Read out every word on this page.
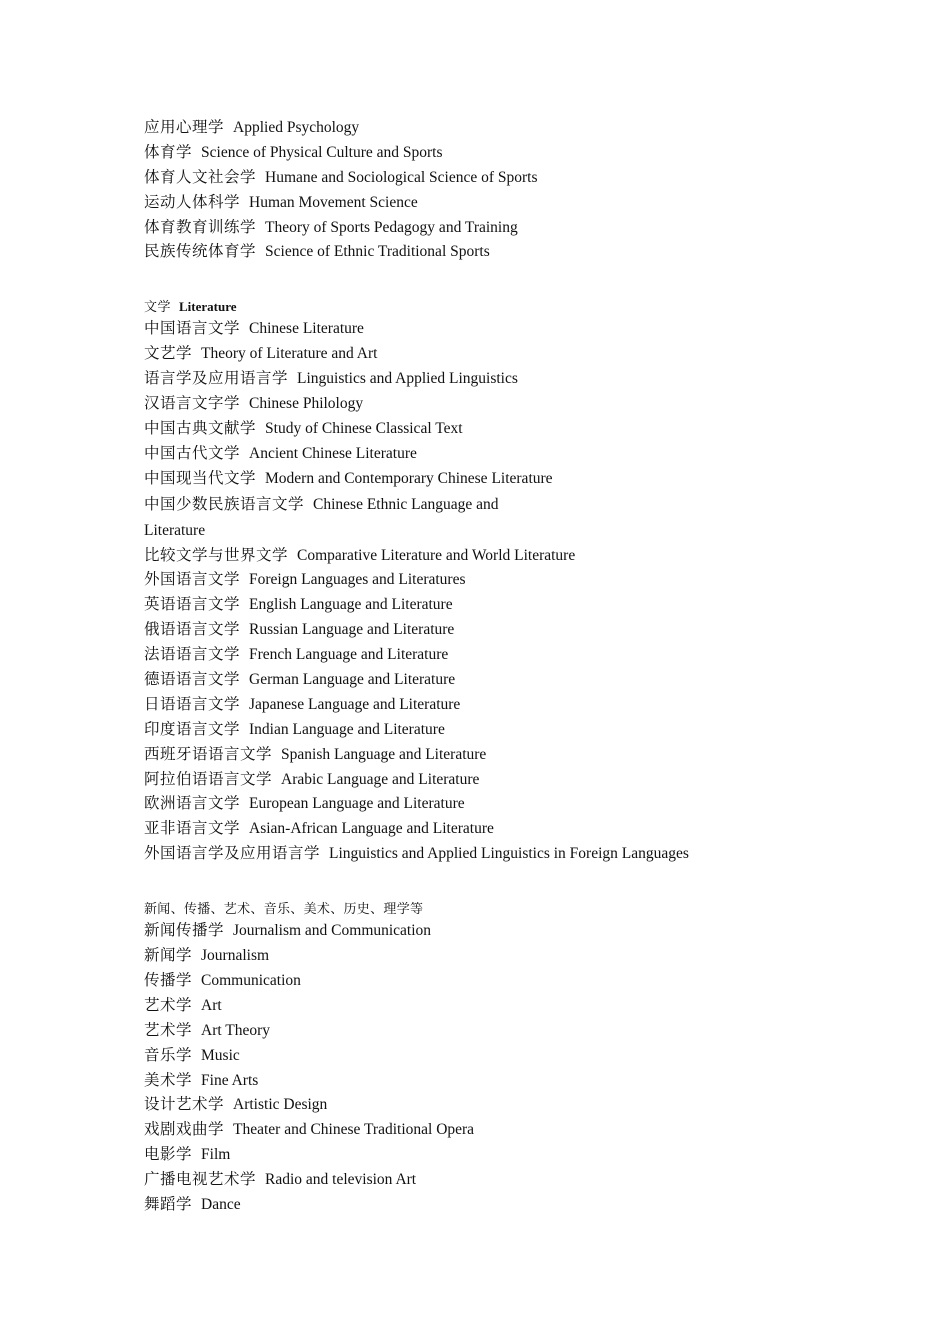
应用心理学 Applied Psychology
体育学 Science of Physical Culture and Sports
体育人文社会学 Humane and Sociological Science of Sports
运动人体科学 Human Movement Science
体育教育训练学 Theory of Sports Pedagogy and Training
民族传统体育学 Science of Ethnic Traditional Sports
文学 Literature
中国语言文学 Chinese Literature
文艺学 Theory of Literature and Art
语言学及应用语言学 Linguistics and Applied Linguistics
汉语言文字学 Chinese Philology
中国古典文献学 Study of Chinese Classical Text
中国古代文学 Ancient Chinese Literature
中国现当代文学 Modern and Contemporary Chinese Literature
中国少数民族语言文学 Chinese Ethnic Language and Literature
比较文学与世界文学 Comparative Literature and World Literature
外国语言文学 Foreign Languages and Literatures
英语语言文学 English Language and Literature
俄语语言文学 Russian Language and Literature
法语语言文学 French Language and Literature
德语语言文学 German Language and Literature
日语语言文学 Japanese Language and Literature
印度语言文学 Indian Language and Literature
西班牙语语言文学 Spanish Language and Literature
阿拉伯语语言文学 Arabic Language and Literature
欧洲语言文学 European Language and Literature
亚非语言文学 Asian-African Language and Literature
外国语言学及应用语言学 Linguistics and Applied Linguistics in Foreign Languages
新闻、传播、艺术、音乐、美术、历史、理学等
新闻传播学 Journalism and Communication
新闻学 Journalism
传播学 Communication
艺术学 Art
艺术学 Art Theory
音乐学 Music
美术学 Fine Arts
设计艺术学 Artistic Design
戏剧戏曲学 Theater and Chinese Traditional Opera
电影学 Film
广播电视艺术学 Radio and television Art
舞蹈学 Dance
